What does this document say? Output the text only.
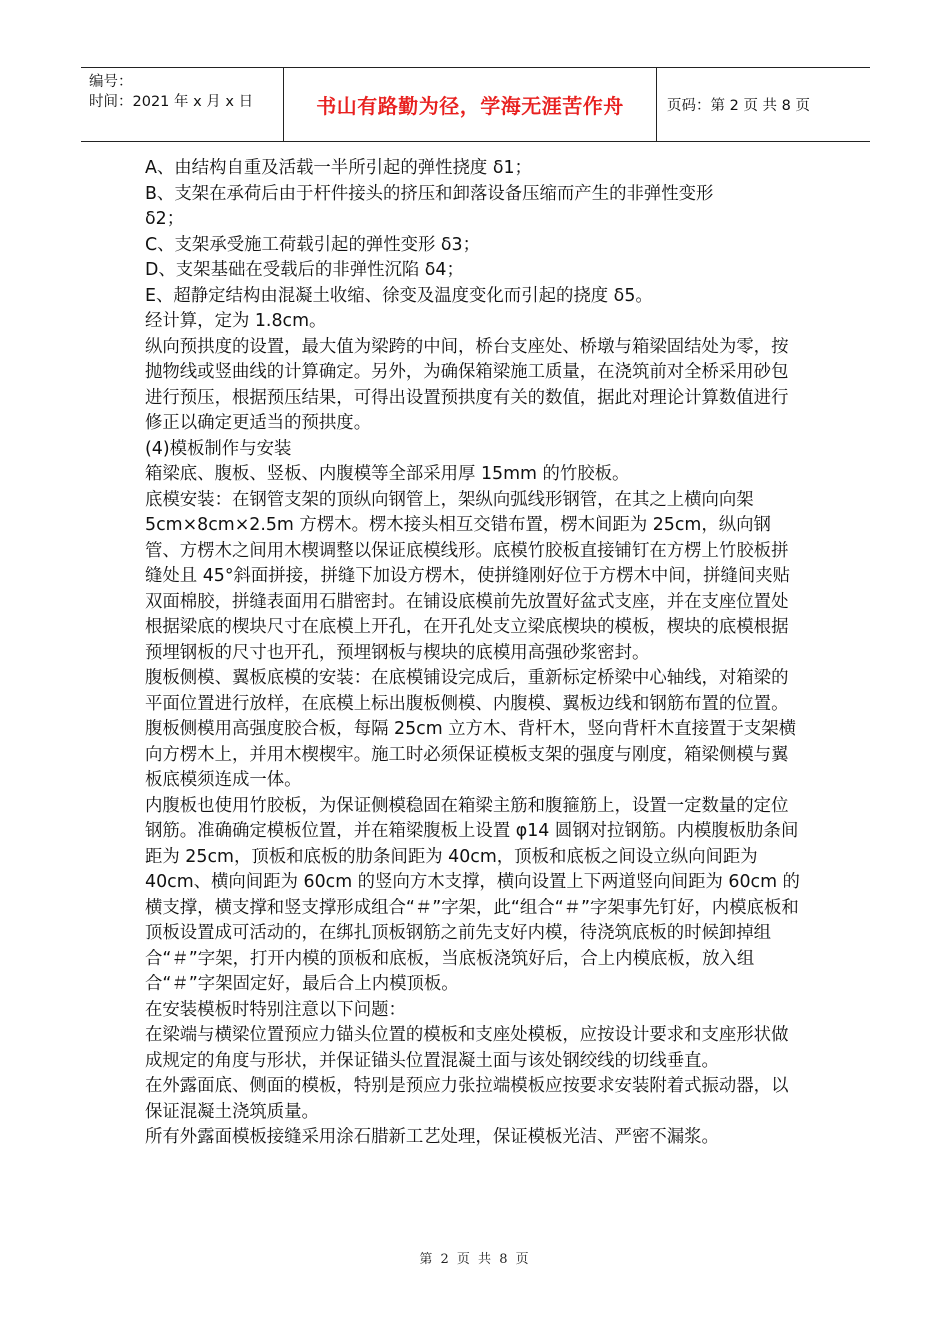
编号：
时间：2021 年 x 月 x 日	书山有路勤为径，学海无涯苦作舟	页码：第 2 页 共 8 页

A、由结构自重及活载一半所引起的弹性挠度 δ1；

B、支架在承荷后由于杆件接头的挤压和卸落设备压缩而产生的非弹性变形

δ2；

C、支架承受施工荷载引起的弹性变形 δ3；

D、支架基础在受载后的非弹性沉陷 δ4；

E、超静定结构由混凝土收缩、徐变及温度变化而引起的挠度 δ5。

经计算，定为 1.8cm。

纵向预拱度的设置，最大值为梁跨的中间，桥台支座处、桥墩与箱梁固结处为零，按抛物线或竖曲线的计算确定。另外，为确保箱梁施工质量，在浇筑前对全桥采用砂包进行预压，根据预压结果，可得出设置预拱度有关的数值，据此对理论计算数值进行修正以确定更适当的预拱度。

(4)模板制作与安装

箱梁底、腹板、竖板、内腹模等全部采用厚 15mm 的竹胶板。

底模安装：在钢管支架的顶纵向钢管上，架纵向弧线形钢管，在其之上横向向架 5cm×8cm×2.5m 方楞木。楞木接头相互交错布置，楞木间距为 25cm，纵向钢管、方楞木之间用木楔调整以保证底模线形。底模竹胶板直接铺钉在方楞上竹胶板拼缝处且 45°斜面拼接，拼缝下加设方楞木，使拼缝刚好位于方楞木中间，拼缝间夹贴双面棉胶，拼缝表面用石腊密封。在铺设底模前先放置好盆式支座，并在支座位置处根据梁底的楔块尺寸在底模上开孔，在开孔处支立梁底楔块的模板，楔块的底模根据预埋钢板的尺寸也开孔，预埋钢板与楔块的底模用高强砂浆密封。

腹板侧模、翼板底模的安装：在底模铺设完成后，重新标定桥梁中心轴线，对箱梁的平面位置进行放样，在底模上标出腹板侧模、内腹模、翼板边线和钢筋布置的位置。腹板侧模用高强度胶合板，每隔 25cm 立方木、背杆木，竖向背杆木直接置于支架横向方楞木上，并用木楔楔牢。施工时必须保证模板支架的强度与刚度，箱梁侧模与翼板底模须连成一体。

内腹板也使用竹胶板，为保证侧模稳固在箱梁主筋和腹箍筋上，设置一定数量的定位钢筋。准确确定模板位置，并在箱梁腹板上设置 φ14 圆钢对拉钢筋。内模腹板肋条间距为 25cm，顶板和底板的肋条间距为 40cm，顶板和底板之间设立纵向间距为 40cm、横向间距为 60cm 的竖向方木支撑，横向设置上下两道竖向间距为 60cm 的横支撑，横支撑和竖支撑形成组合“＃”字架，此“组合“＃”字架事先钉好，内模底板和顶板设置成可活动的，在绑扎顶板钢筋之前先支好内模，待浇筑底板的时候卸掉组合“＃”字架，打开内模的顶板和底板，当底板浇筑好后，合上内模底板，放入组合“＃”字架固定好，最后合上内模顶板。

在安装模板时特别注意以下问题：

在梁端与横梁位置预应力锚头位置的模板和支座处模板，应按设计要求和支座形状做成规定的角度与形状，并保证锚头位置混凝土面与该处钢绞线的切线垂直。

在外露面底、侧面的模板，特别是预应力张拉端模板应按要求安装附着式振动器，以保证混凝土浇筑质量。

所有外露面模板接缝采用涂石腊新工艺处理，保证模板光洁、严密不漏浆。

第 2 页 共 8 页
